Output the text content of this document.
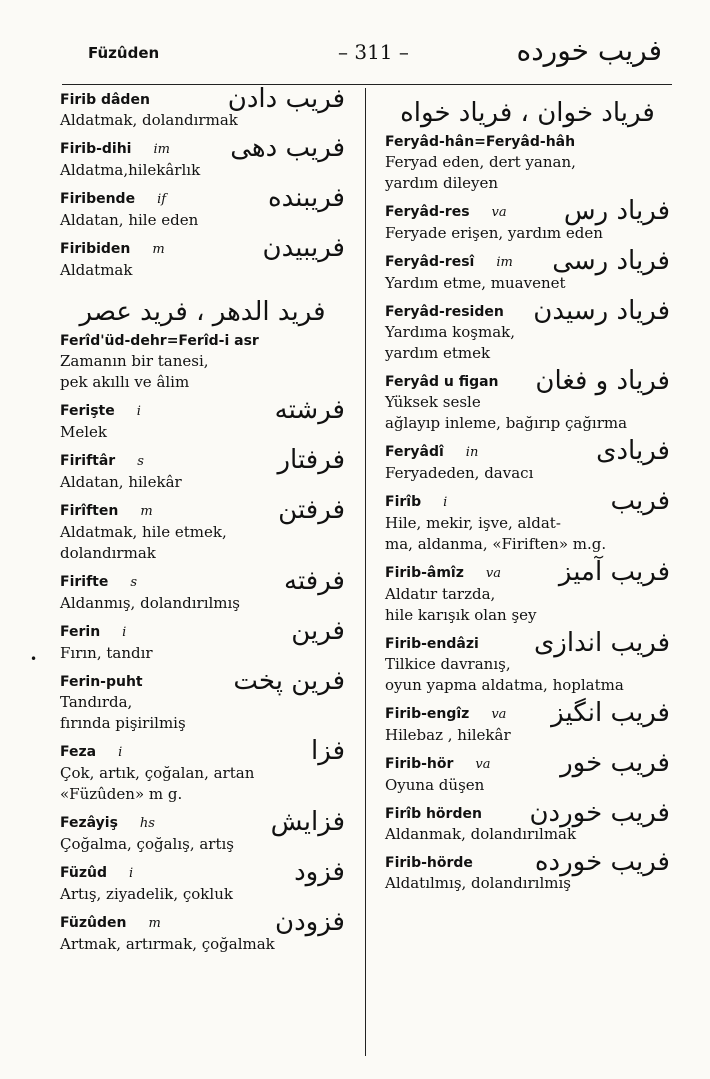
Füzûden	– 311 –	فریب خورده
•
Firib dâden	فریب دادن
Aldatmak, dolandırmak
Firib-dihi im	فریب دهی
Aldatma,hilekârlık
Firibende if	فریبنده
Aldatan, hile eden
Firibiden m	فریبیدن
Aldatmak
فرید الدهر ، فرید عصر
Ferîd'üd-dehr=Ferîd-i asr
Zamanın bir tanesi,
pek akıllı ve âlim
Ferişte i	فرشته
Melek
Firiftâr s	فرفتار
Aldatan, hilekâr
Firîften m	فرفتن
Aldatmak, hile etmek,
dolandırmak
Firifte s	فرفته
Aldanmış, dolandırılmış
Ferin i	فرین
Fırın, tandır
Ferin-puht	فرین پخت
Tandırda,
fırında pişirilmiş
Feza i	فزا
Çok, artık, çoğalan, artan
«Füzûden» m g.
Fezâyiş hs	فزایش
Çoğalma, çoğalış, artış
Füzûd i	فزود
Artış, ziyadelik, çokluk
Füzûden m	فزودن
Artmak, artırmak, çoğalmak
فریاد خوان ، فریاد خواه
Feryâd-hân=Feryâd-hâh
Feryad eden, dert yanan,
yardım dileyen
Feryâd-res va	فریاد رس
Feryade erişen, yardım eden
Feryâd-resî im	فریاد رسی
Yardım etme, muavenet
Feryâd-residen	فریاد رسیدن
Yardıma koşmak,
yardım etmek
Feryâd u figan	فریاد و فغان
Yüksek sesle
ağlayıp inleme, bağırıp çağırma
Feryâdî in	فریادی
Feryadeden, davacı
Firîb i	فریب
Hile, mekir, işve, aldat-
ma, aldanma, «Firiften» m.g.
Firib-âmîz va	فریب آمیز
Aldatır tarzda,
hile karışık olan şey
Firib-endâzi	فریب اندازی
Tilkice davranış,
oyun yapma aldatma, hoplatma
Firib-engîz va	فریب انگیز
Hilebaz , hilekâr
Firib-hör va	فریب خور
Oyuna düşen
Firîb hörden	فریب خوردن
Aldanmak, dolandırılmak
Firib-hörde	فریب خورده
Aldatılmış, dolandırılmış
